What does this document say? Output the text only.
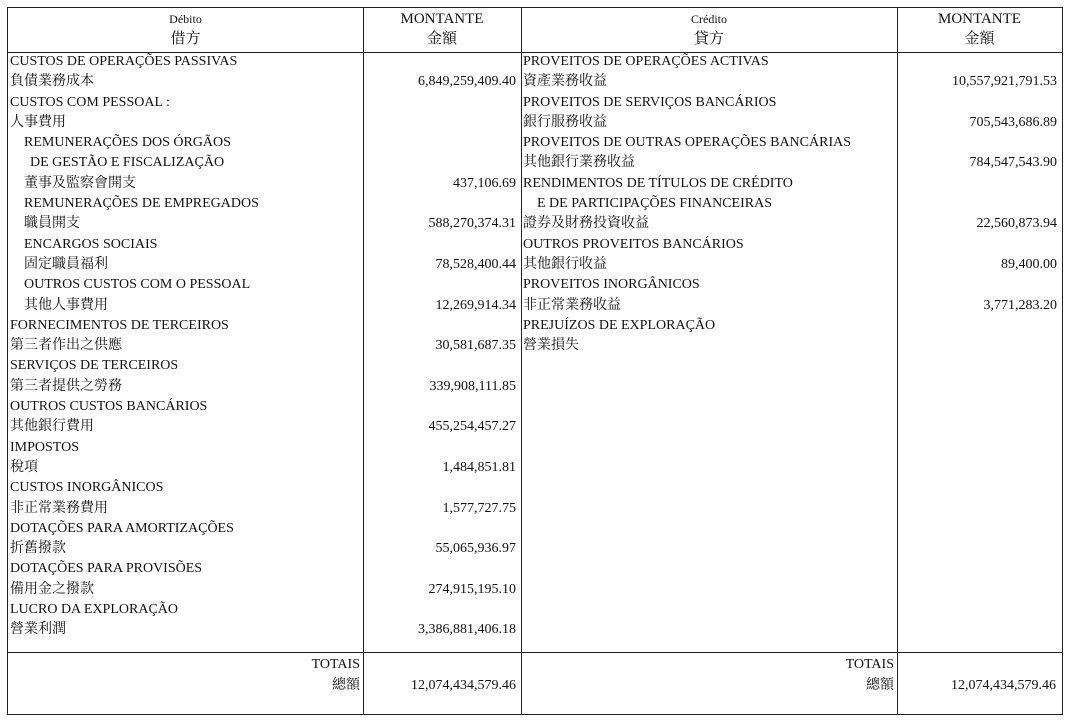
Débito
借方
MONTANTE
金額
Crédito
貸方
MONTANTE
金額
CUSTOS DE OPERAÇÕES PASSIVAS
負債業務成本
CUSTOS COM PESSOAL :
人事費用
REMUNERAÇÕES DOS ÓRGÃOS
DE GESTÃO E FISCALIZAÇÃO
董事及監察會開支
REMUNERAÇÕES DE EMPREGADOS
職員開支
ENCARGOS SOCIAIS
固定職員福利
OUTROS CUSTOS COM O PESSOAL
其他人事費用
FORNECIMENTOS DE TERCEIROS
第三者作出之供應
SERVIÇOS DE TERCEIROS
第三者提供之勞務
OUTROS CUSTOS BANCÁRIOS
其他銀行費用
IMPOSTOS
稅項
CUSTOS INORGÂNICOS
非正常業務費用
DOTAÇÕES PARA AMORTIZAÇÕES
折舊撥款
DOTAÇÕES PARA PROVISÕES
備用金之撥款
LUCRO DA EXPLORAÇÃO
營業利潤
6,849,259,409.40
437,106.69
588,270,374.31
78,528,400.44
12,269,914.34
30,581,687.35
339,908,111.85
455,254,457.27
1,484,851.81
1,577,727.75
55,065,936.97
274,915,195.10
3,386,881,406.18
PROVEITOS DE OPERAÇÕES ACTIVAS
資產業務收益
PROVEITOS DE SERVIÇOS BANCÁRIOS
銀行服務收益
PROVEITOS DE OUTRAS OPERAÇÕES BANCÁRIAS
其他銀行業務收益
RENDIMENTOS DE TÍTULOS DE CRÉDITO
E DE PARTICIPAÇÕES FINANCEIRAS
證券及財務投資收益
OUTROS PROVEITOS BANCÁRIOS
其他銀行收益
PROVEITOS INORGÂNICOS
非正常業務收益
PREJUÍZOS DE EXPLORAÇÃO
營業損失
10,557,921,791.53
705,543,686.89
784,547,543.90
22,560,873.94
89,400.00
3,771,283.20
TOTAIS
總額	12,074,434,579.46
TOTAIS
總額	12,074,434,579.46
